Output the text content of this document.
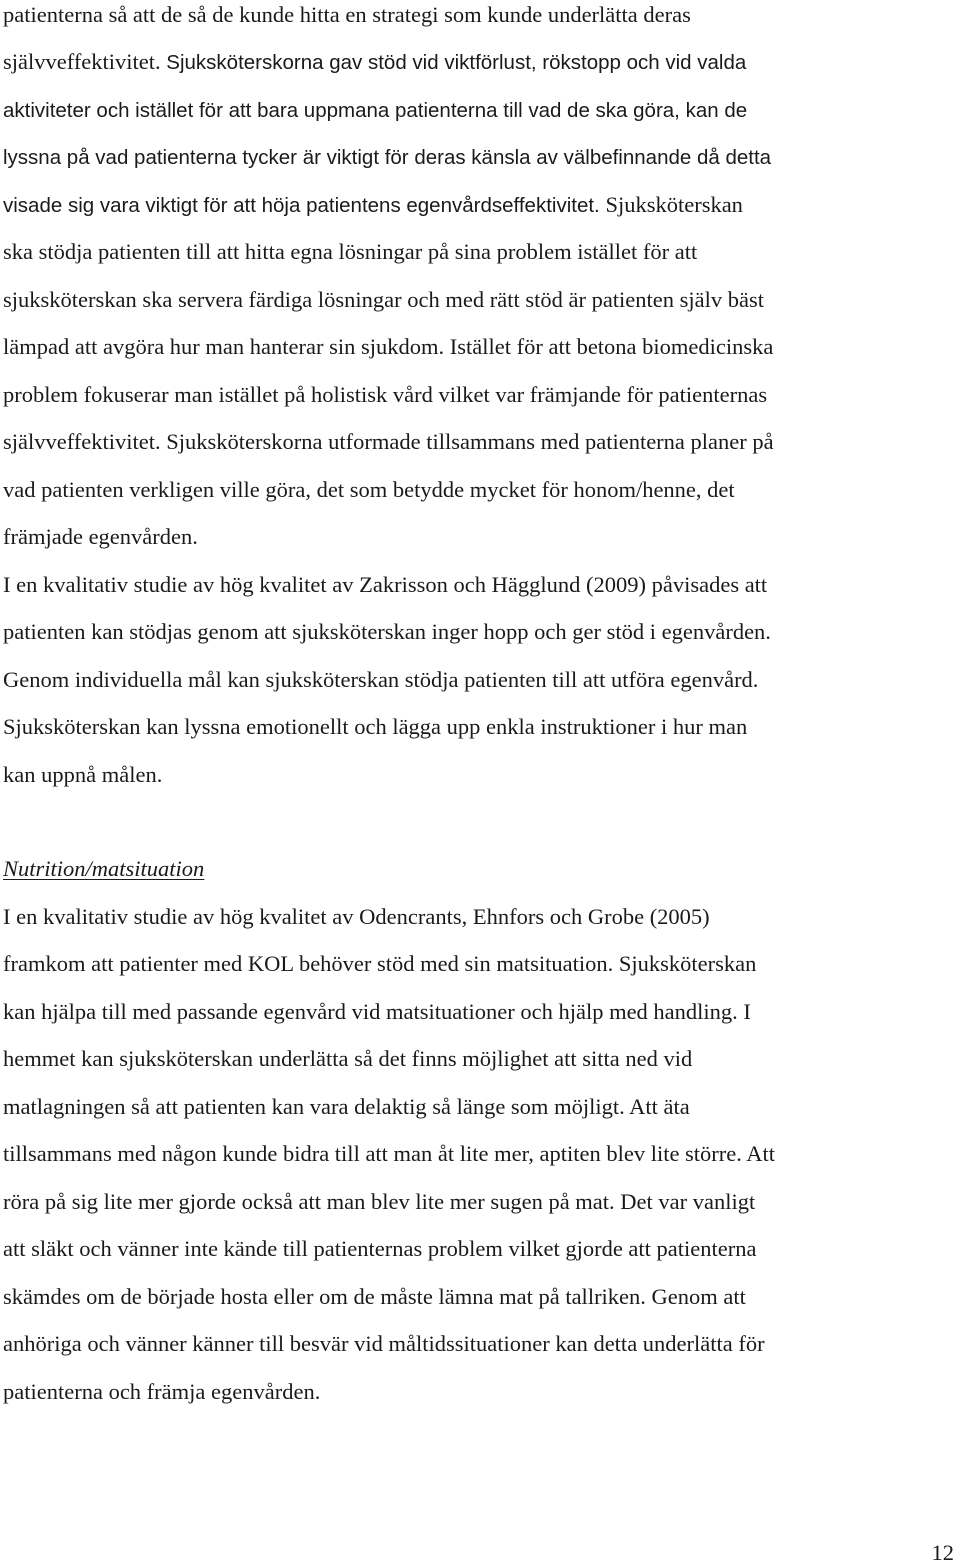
patienterna så att de så de kunde hitta en strategi som kunde underlätta deras
självveffektivitet. Sjuksköterskorna gav stöd vid viktförlust, rökstopp och vid valda
aktiviteter och istället för att bara uppmana patienterna till vad de ska göra, kan de
lyssna på vad patienterna tycker är viktigt för deras känsla av välbefinnande då detta
visade sig vara viktigt för att höja patientens egenvårdseffektivitet. Sjuksköterskan
ska stödja patienten till att hitta egna lösningar på sina problem istället för att
sjuksköterskan ska servera färdiga lösningar och med rätt stöd är patienten själv bäst
lämpad att avgöra hur man hanterar sin sjukdom. Istället för att betona biomedicinska
problem fokuserar man istället på holistisk vård vilket var främjande för patienternas
självveffektivitet. Sjuksköterskorna utformade tillsammans med patienterna planer på
vad patienten verkligen ville göra, det som betydde mycket för honom/henne, det
främjade egenvården.
I en kvalitativ studie av hög kvalitet av Zakrisson och Hägglund (2009) påvisades att
patienten kan stödjas genom att sjuksköterskan inger hopp och ger stöd i egenvården.
Genom individuella mål kan sjuksköterskan stödja patienten till att utföra egenvård.
Sjuksköterskan kan lyssna emotionellt och lägga upp enkla instruktioner i hur man
kan uppnå målen.
Nutrition/matsituation
I en kvalitativ studie av hög kvalitet av Odencrants, Ehnfors och Grobe (2005)
framkom att patienter med KOL behöver stöd med sin matsituation. Sjuksköterskan
kan hjälpa till med passande egenvård vid matsituationer och hjälp med handling. I
hemmet kan sjuksköterskan underlätta så det finns möjlighet att sitta ned vid
matlagningen så att patienten kan vara delaktig så länge som möjligt. Att äta
tillsammans med någon kunde bidra till att man åt lite mer, aptiten blev lite större. Att
röra på sig lite mer gjorde också att man blev lite mer sugen på mat. Det var vanligt
att släkt och vänner inte kände till patienternas problem vilket gjorde att patienterna
skämdes om de började hosta eller om de måste lämna mat på tallriken. Genom att
anhöriga och vänner känner till besvär vid måltidssituationer kan detta underlätta för
patienterna och främja egenvården.
12
